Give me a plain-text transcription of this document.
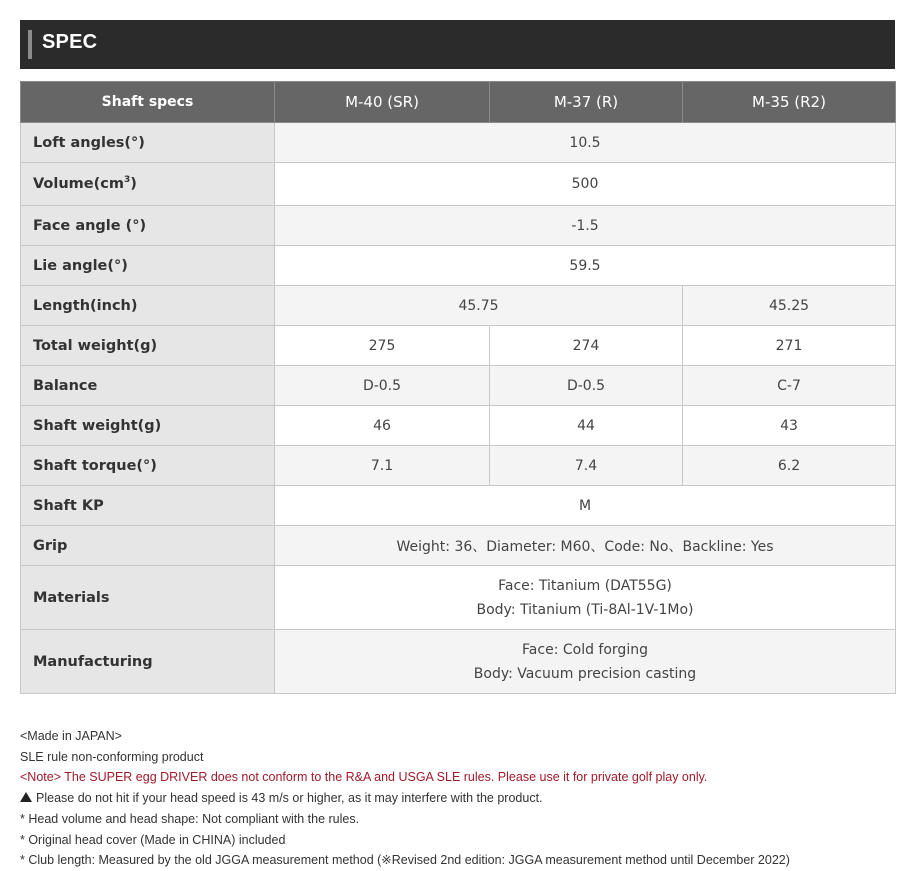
SPEC
Shaft specs	M-40 (SR)	M-37 (R)	M-35 (R2)
Loft angles(°)	10.5		
$Volume(cm^3)$	500		
Face angle (°)	-1.5		
Lie angle(°)	59.5		
Length(inch)	45.75		45.25
Total weight(g)	275	274	271
Balance	D-0.5	D-0.5	C-7
Shaft weight(g)	46	44	43
Shaft torque(°)	7.1	7.4	6.2
Shaft KP	M		
Grip	Weight: 36、Diameter: M60、Code: No、Backline: Yes		
Materials	Face: Titanium (DAT55G)
Body: Titanium (Ti-8Al-1V-1Mo)		

Manufacturing	Face: Cold forging
Body: Vacuum precision casting		
<Made in JAPAN>
SLE rule non-conforming product
<Note> The SUPER egg DRIVER does not conform to the R&A and USGA SLE rules. Please use it for private golf play only.
Please do not hit if your head speed is 43 m/s or higher, as it may interfere with the product.
* Head volume and head shape: Not compliant with the rules.
* Original head cover (Made in CHINA) included
* Club length: Measured by the old JGGA measurement method (※Revised 2nd edition: JGGA measurement method until December 2022)
